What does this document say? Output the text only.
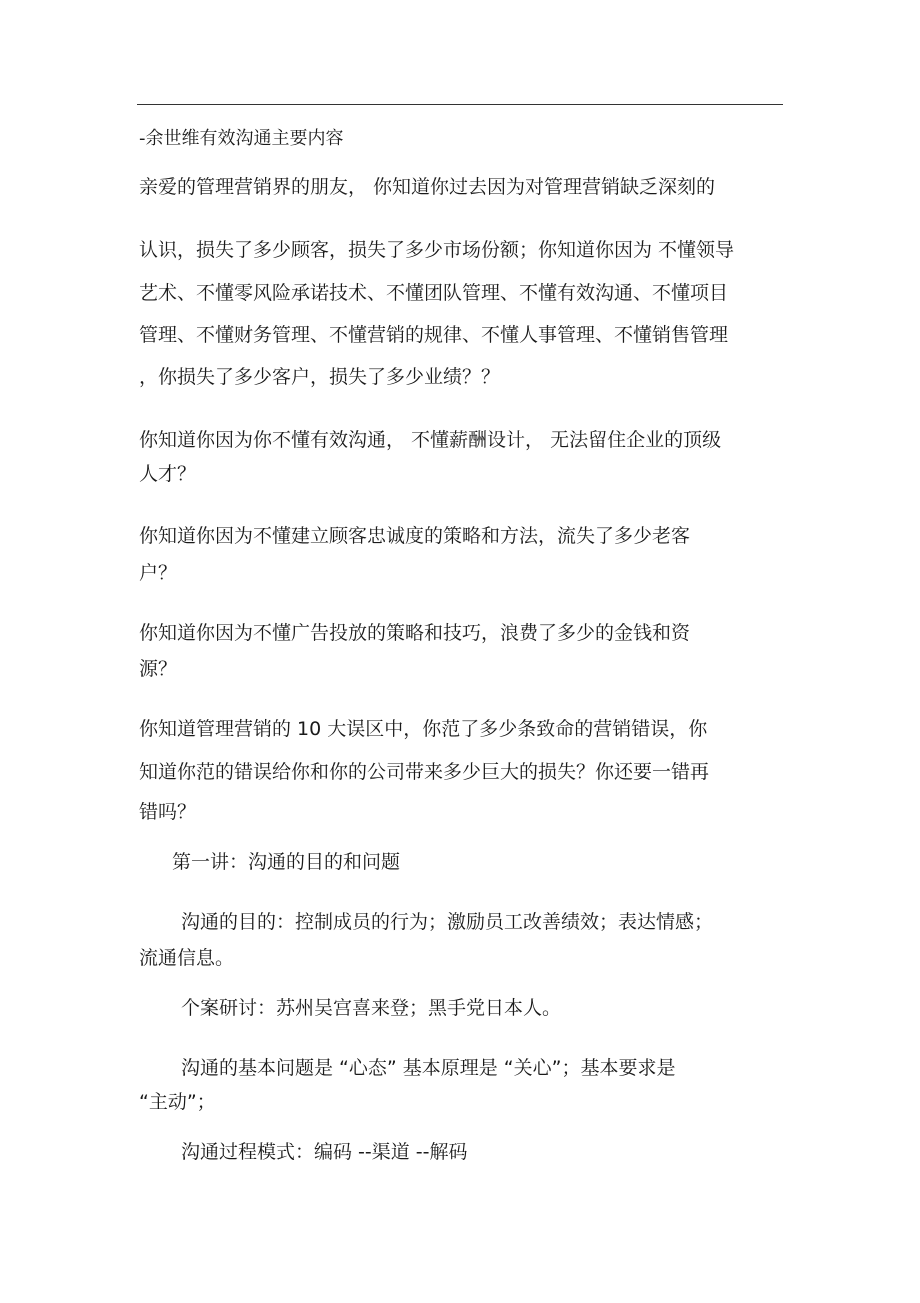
-余世维有效沟通主要内容
亲爱的管理营销界的朋友， 你知道你过去因为对管理营销缺乏深刻的
认识，损失了多少顾客，损失了多少市场份额；你知道你因为 不懂领导
艺术、不懂零风险承诺技术、不懂团队管理、不懂有效沟通、不懂项目
管理、不懂财务管理、不懂营销的规律、不懂人事管理、不懂销售管理
，你损失了多少客户，损失了多少业绩？？
你知道你因为你不懂有效沟通， 不懂薪酬设计， 无法留住企业的顶级
人才？
你知道你因为不懂建立顾客忠诚度的策略和方法，流失了多少老客
户？
你知道你因为不懂广告投放的策略和技巧，浪费了多少的金钱和资
源？
你知道管理营销的 10 大误区中，你范了多少条致命的营销错误，你
知道你范的错误给你和你的公司带来多少巨大的损失？你还要一错再
错吗？
第一讲：沟通的目的和问题
沟通的目的：控制成员的行为；激励员工改善绩效；表达情感；
流通信息。
个案研讨：苏州吴宫喜来登；黑手党日本人。
沟通的基本问题是 “心态” 基本原理是 “关心”；基本要求是
“主动”；
沟通过程模式：编码 --渠道 --解码
